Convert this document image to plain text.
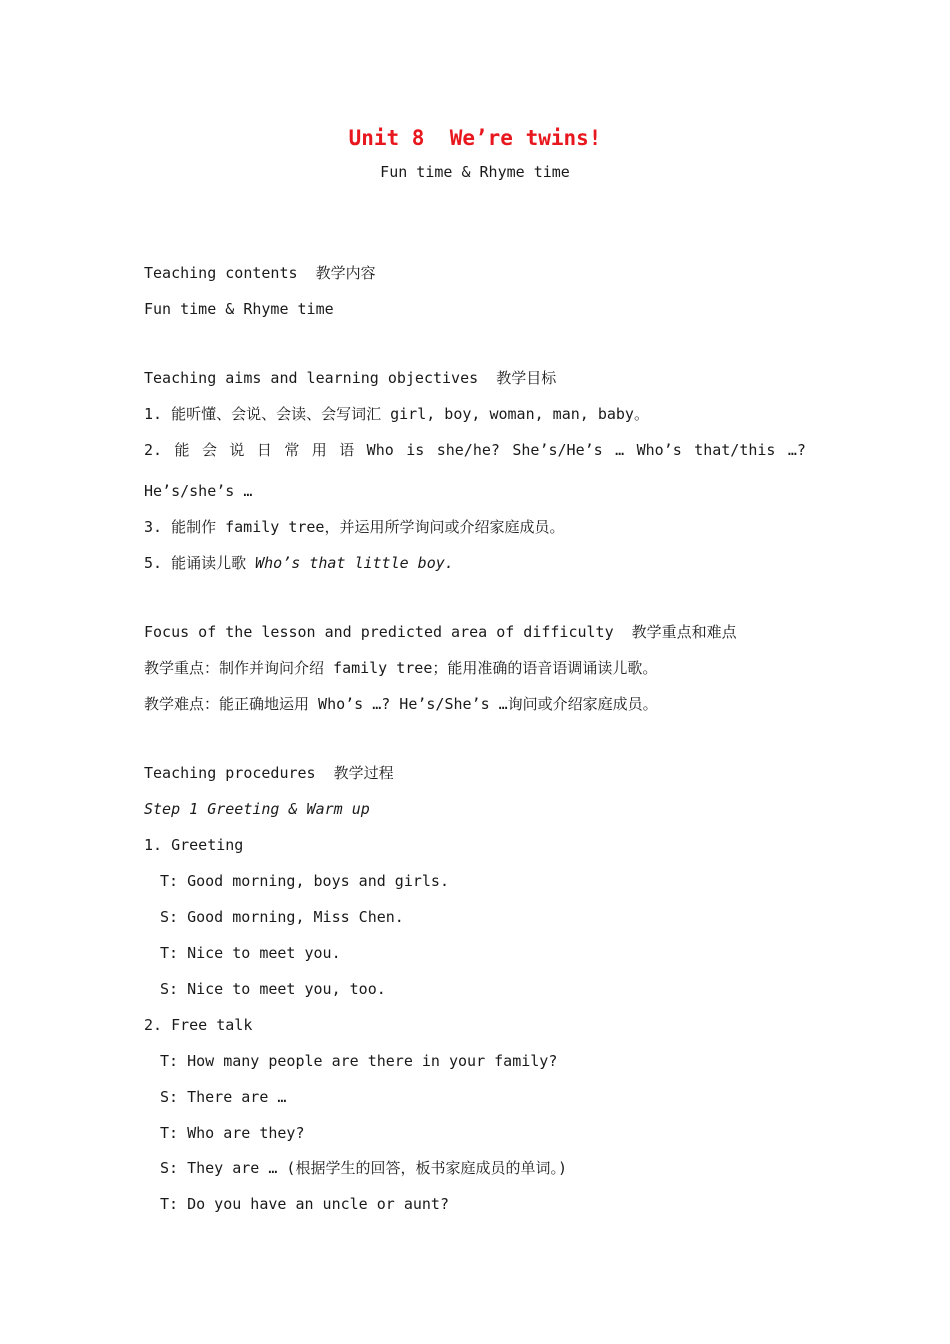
Unit 8  We’re twins!
Fun time & Rhyme time
Teaching contents  教学内容
Fun time & Rhyme time
Teaching aims and learning objectives  教学目标
1. 能听懂、会说、会读、会写词汇 girl, boy, woman, man, baby。
2. 能 会 说 日 常 用 语 Who is she/he? She’s/He’s … Who’s that/this …?
He’s/she’s …
3. 能制作 family tree，并运用所学询问或介绍家庭成员。
5. 能诵读儿歌 Who’s that little boy.
Focus of the lesson and predicted area of difficulty  教学重点和难点
教学重点：制作并询问介绍 family tree；能用准确的语音语调诵读儿歌。
教学难点：能正确地运用 Who’s …? He’s/She’s …询问或介绍家庭成员。
Teaching procedures  教学过程
Step 1 Greeting & Warm up
1. Greeting
T: Good morning, boys and girls.
S: Good morning, Miss Chen.
T: Nice to meet you.
S: Nice to meet you, too.
2. Free talk
T: How many people are there in your family?
S: There are …
T: Who are they?
S: They are … (根据学生的回答，板书家庭成员的单词。)
T: Do you have an uncle or aunt?
